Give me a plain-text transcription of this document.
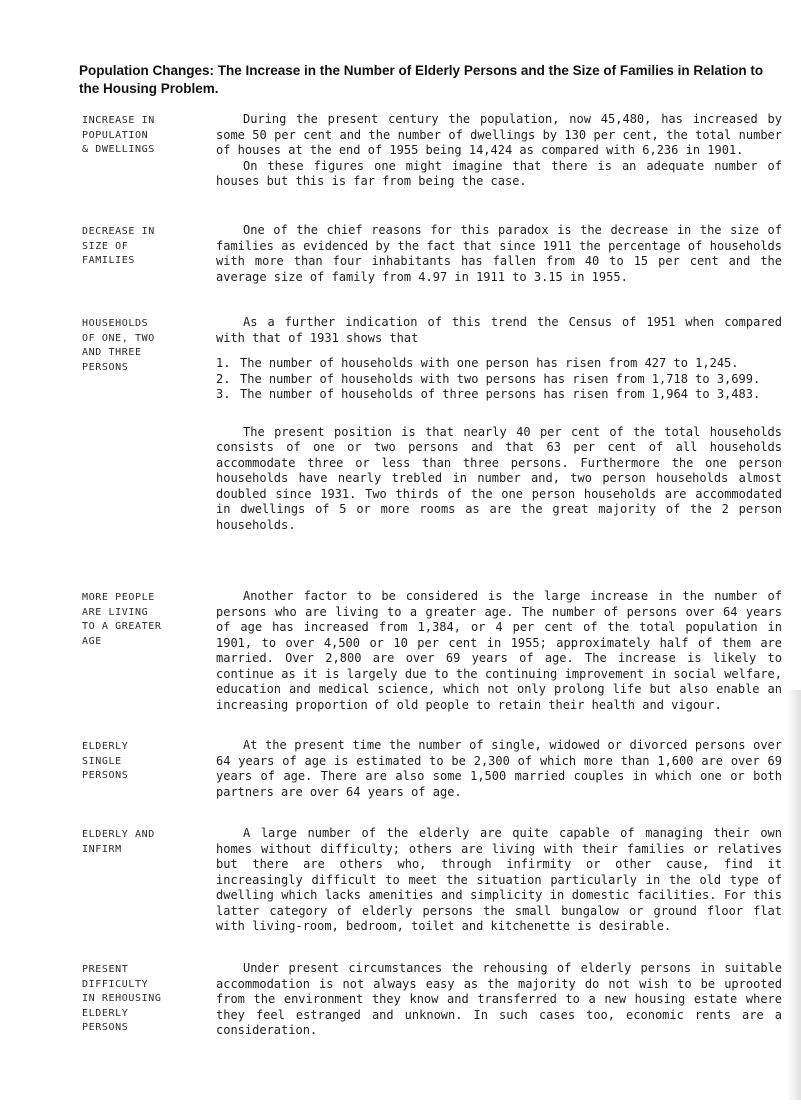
Population Changes: The Increase in the Number of Elderly Persons and the Size of Families in Relation to the Housing Problem.
INCREASE IN
POPULATION
& DWELLINGS

During the present century the population, now 45,480, has increased by some 50 per cent and the number of dwellings by 130 per cent, the total number of houses at the end of 1955 being 14,424 as compared with 6,236 in 1901.

On these figures one might imagine that there is an adequate number of houses but this is far from being the case.

DECREASE IN
SIZE OF
FAMILIES

One of the chief reasons for this paradox is the decrease in the size of families as evidenced by the fact that since 1911 the percentage of households with more than four inhabitants has fallen from 40 to 15 per cent and the average size of family from 4.97 in 1911 to 3.15 in 1955.

HOUSEHOLDS
OF ONE, TWO
AND THREE
PERSONS

As a further indication of this trend the Census of 1951 when compared with that of 1931 shows that

1. The number of households with one person has risen from 427 to 1,245.
2. The number of households with two persons has risen from 1,718 to 3,699.
3. The number of households of three persons has risen from 1,964 to 3,483.

The present position is that nearly 40 per cent of the total households consists of one or two persons and that 63 per cent of all households accommodate three or less than three persons. Furthermore the one person households have nearly trebled in number and, two person households almost doubled since 1931. Two thirds of the one person households are accommodated in dwellings of 5 or more rooms as are the great majority of the 2 person households.

MORE PEOPLE
ARE LIVING
TO A GREATER
AGE

Another factor to be considered is the large increase in the number of persons who are living to a greater age. The number of persons over 64 years of age has increased from 1,384, or 4 per cent of the total population in 1901, to over 4,500 or 10 per cent in 1955; approximately half of them are married. Over 2,800 are over 69 years of age. The increase is likely to continue as it is largely due to the continuing improvement in social welfare, education and medical science, which not only prolong life but also enable an increasing proportion of old people to retain their health and vigour.

ELDERLY
SINGLE
PERSONS

At the present time the number of single, widowed or divorced persons over 64 years of age is estimated to be 2,300 of which more than 1,600 are over 69 years of age. There are also some 1,500 married couples in which one or both partners are over 64 years of age.

ELDERLY AND
INFIRM

A large number of the elderly are quite capable of managing their own homes without difficulty; others are living with their families or relatives but there are others who, through infirmity or other cause, find it increasingly difficult to meet the situation particularly in the old type of dwelling which lacks amenities and simplicity in domestic facilities. For this latter category of elderly persons the small bungalow or ground floor flat with living-room, bedroom, toilet and kitchenette is desirable.

PRESENT
DIFFICULTY
IN REHOUSING
ELDERLY
PERSONS

Under present circumstances the rehousing of elderly persons in suitable accommodation is not always easy as the majority do not wish to be uprooted from the environment they know and transferred to a new housing estate where they feel estranged and unknown. In such cases too, economic rents are a consideration.
